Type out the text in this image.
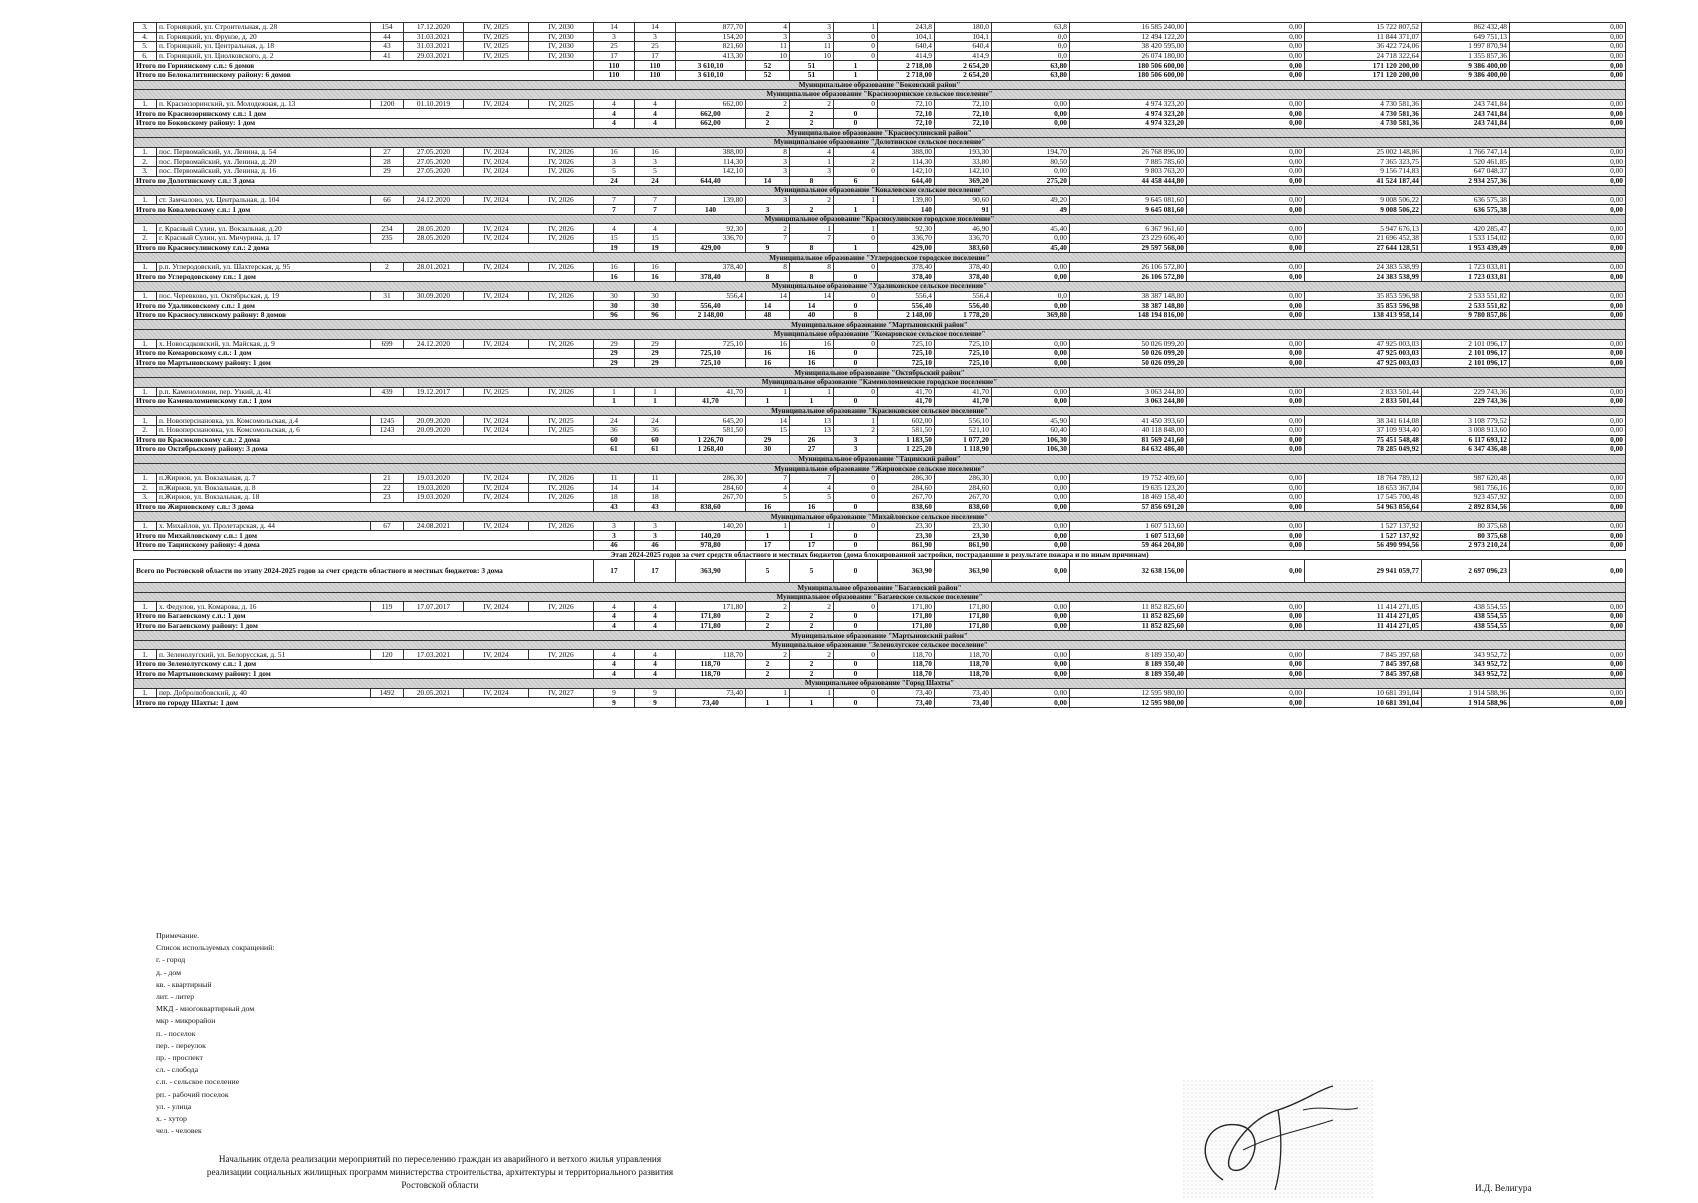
3.	п. Горняцкий, ул. Строительная, д. 28	154	17.12.2020	IV, 2025	IV, 2030	14	14	877,70	4	3	1	243,8	180,0	63,8	16 585 240,00	0,00	15 722 807,52	862 432,48	0,00
4.	п. Горняцкий, ул. Фрунзе, д. 20	44	31.03.2021	IV, 2025	IV, 2030	3	3	154,20	3	3	0	104,1	104,1	0,0	12 494 122,20	0,00	11 844 371,07	649 751,13	0,00
5.	п. Горняцкий, ул. Центральная, д. 18	43	31.03.2021	IV, 2025	IV, 2030	25	25	821,60	11	11	0	640,4	640,4	0,0	38 420 595,00	0,00	36 422 724,06	1 997 870,94	0,00
6.	п. Горняцкий, ул. Циолковского, д. 2	41	29.03.2021	IV, 2025	IV, 2030	17	17	413,30	10	10	0	414,9	414,9	0,0	26 074 180,00	0,00	24 718 322,64	1 355 857,36	0,00
Итого по Горнянскому с.п.: 6 домов						110	110	3 610,10	52	51	1	2 718,00	2 654,20	63,80	180 506 600,00	0,00	171 120 200,00	9 386 400,00	0,00
Итого по Белокалитвинскому району: 6 домов						110	110	3 610,10	52	51	1	2 718,00	2 654,20	63,80	180 506 600,00	0,00	171 120 200,00	9 386 400,00	0,00
Муниципальное образование "Боковский район"																			
Муниципальное образование "Краснозоринское сельское поселение"																			
1.	п. Краснозоринский, ул. Молодежная, д. 13	1200	01.10.2019	IV, 2024	IV, 2025	4	4	662,00	2	2	0	72,10	72,10	0,00	4 974 323,20	0,00	4 730 581,36	243 741,84	0,00
Итого по Краснозоринскому с.п.: 1 дом						4	4	662,00	2	2	0	72,10	72,10	0,00	4 974 323,20	0,00	4 730 581,36	243 741,84	0,00
Итого по Боковскому району: 1 дом						4	4	662,00	2	2	0	72,10	72,10	0,00	4 974 323,20	0,00	4 730 581,36	243 741,84	0,00
Муниципальное образование "Красносулинский район"																			
Муниципальное образование "Долотинское сельское поселение"																			
1.	пос. Первомайский, ул. Ленина, д. 54	27	27.05.2020	IV, 2024	IV, 2026	16	16	388,00	8	4	4	388,00	193,30	194,70	26 768 896,00	0,00	25 002 148,86	1 766 747,14	0,00
2.	пос. Первомайский, ул. Ленина, д. 20	28	27.05.2020	IV, 2024	IV, 2026	3	3	114,30	3	1	2	114,30	33,80	80,50	7 885 785,60	0,00	7 365 323,75	520 461,85	0,00
3.	пос. Первомайский, ул. Ленина, д. 16	29	27.05.2020	IV, 2024	IV, 2026	5	5	142,10	3	3	0	142,10	142,10	0,00	9 803 763,20	0,00	9 156 714,83	647 048,37	0,00
Итого по Долотинскому с.п.: 3 дома						24	24	644,40	14	8	6	644,40	369,20	275,20	44 458 444,80	0,00	41 524 187,44	2 934 257,36	0,00
Муниципальное образование "Ковалевское сельское поселение"																			
1.	ст. Замчалово, ул. Центральная, д. 104	66	24.12.2020	IV, 2024	IV, 2026	7	7	139,80	3	2	1	139,80	90,60	49,20	9 645 081,60	0,00	9 008 506,22	636 575,38	0,00
Итого по Ковалевскому с.п.: 1 дом						7	7	140	3	2	1	140	91	49	9 645 081,60	0,00	9 008 506,22	636 575,38	0,00
Муниципальное образование "Красносулинское городское поселение"																			
1.	г. Красный Сулин, ул. Вокзальная, д.20	234	28.05.2020	IV, 2024	IV, 2026	4	4	92,30	2	1	1	92,30	46,90	45,40	6 367 961,60	0,00	5 947 676,13	420 285,47	0,00
2.	г. Красный Сулин, ул. Мичурина, д. 17	235	28.05.2020	IV, 2024	IV, 2026	15	15	336,70	7	7	0	336,70	336,70	0,00	23 229 606,40	0,00	21 696 452,38	1 533 154,02	0,00
Итого по Красносулинскому г.п.: 2 дома						19	19	429,00	9	8	1	429,00	383,60	45,40	29 597 568,00	0,00	27 644 128,51	1 953 439,49	0,00
Муниципальное образование "Углеродовское городское поселение"																			
1.	р.п. Углеродовский, ул. Шахтерская, д. 95	2	28.01.2021	IV, 2024	IV, 2026	16	16	378,40	8	8	0	378,40	378,40	0,00	26 106 572,80	0,00	24 383 538,99	1 723 033,81	0,00
Итого по Углеродовскому г.п.: 1 дом						16	16	378,40	8	8	0	378,40	378,40	0,00	26 106 572,80	0,00	24 383 538,99	1 723 033,81	0,00
Муниципальное образование "Удаликовское сельское поселение"																			
1.	пос. Черевково, ул. Октябрьская, д. 19	31	30.09.2020	IV, 2024	IV, 2026	30	30	556,4	14	14	0	556,4	556,4	0,0	38 387 148,80	0,00	35 853 596,98	2 533 551,82	0,00
Итого по Удаликовскому с.п.: 1 дом						30	30	556,40	14	14	0	556,40	556,40	0,00	38 387 148,80	0,00	35 853 596,98	2 533 551,82	0,00
Итого по Красносулинскому району: 8 домов						96	96	2 148,00	48	40	8	2 148,00	1 778,20	369,80	148 194 816,00	0,00	138 413 958,14	9 780 857,86	0,00
Муниципальное образование "Мартыновский район"																			
Муниципальное образование "Комаровское сельское поселение"																			
1.	х. Новосадковский, ул. Майская, д. 9	699	24.12.2020	IV, 2024	IV, 2026	29	29	725,10	16	16	0	725,10	725,10	0,00	50 026 099,20	0,00	47 925 003,03	2 101 096,17	0,00
Итого по Комаровскому с.п.: 1 дом						29	29	725,10	16	16	0	725,10	725,10	0,00	50 026 099,20	0,00	47 925 003,03	2 101 096,17	0,00
Итого по Мартыновскому району: 1 дом						29	29	725,10	16	16	0	725,10	725,10	0,00	50 026 099,20	0,00	47 925 003,03	2 101 096,17	0,00
Муниципальное образование "Октябрьский район"																			
Муниципальное образование "Каменоломненское городское поселение"																			
1.	р.п. Каменоломни, пер. Узкий, д. 41	439	19.12.2017	IV, 2025	IV, 2026	1	1	41,70	1	1	0	41,70	41,70	0,00	3 063 244,80	0,00	2 833 501,44	229 743,36	0,00
Итого по Каменоломненскому г.п.: 1 дом						1	1	41,70	1	1	0	41,70	41,70	0,00	3 063 244,80	0,00	2 833 501,44	229 743,36	0,00
Муниципальное образование "Красюковское сельское поселение"																			
1.	п. Новоперсиановка, ул. Комсомольская, д.4	1245	20.09.2020	IV, 2024	IV, 2025	24	24	645,20	14	13	1	602,00	556,10	45,90	41 450 393,60	0,00	38 341 614,08	3 108 779,52	0,00
2.	п. Новоперсиановка, ул. Комсомольская, д. 6	1243	20.09.2020	IV, 2024	IV, 2025	36	36	581,50	15	13	2	581,50	521,10	60,40	40 118 848,00	0,00	37 109 934,40	3 008 913,60	0,00
Итого по Красюковскому с.п.: 2 дома						60	60	1 226,70	29	26	3	1 183,50	1 077,20	106,30	81 569 241,60	0,00	75 451 548,48	6 117 693,12	0,00
Итого по Октябрьскому району: 3 дома						61	61	1 268,40	30	27	3	1 225,20	1 118,90	106,30	84 632 486,40	0,00	78 285 049,92	6 347 436,48	0,00
Муниципальное образование "Тацинский район"																			
Муниципальное образование "Жирновское сельское поселение"																			
1.	п.Жирнов, ул. Вокзальная, д. 7	21	19.03.2020	IV, 2024	IV, 2026	11	11	286,30	7	7	0	286,30	286,30	0,00	19 752 409,60	0,00	18 764 789,12	987 620,48	0,00
2.	п.Жирнов, ул. Вокзальная, д. 8	22	19.03.2020	IV, 2024	IV, 2026	14	14	284,60	4	4	0	284,60	284,60	0,00	19 635 123,20	0,00	18 653 367,04	981 756,16	0,00
3.	п.Жирнов, ул. Вокзальная, д. 18	23	19.03.2020	IV, 2024	IV, 2026	18	18	267,70	5	5	0	267,70	267,70	0,00	18 469 158,40	0,00	17 545 700,48	923 457,92	0,00
Итого по Жирновскому с.п.: 3 дома						43	43	838,60	16	16	0	838,60	838,60	0,00	57 856 691,20	0,00	54 963 856,64	2 892 834,56	0,00
Муниципальное образование "Михайловское сельское поселение"																			
1.	х. Михайлов, ул. Пролетарская, д. 44	67	24.08.2021	IV, 2024	IV, 2026	3	3	140,20	1	1	0	23,30	23,30	0,00	1 607 513,60	0,00	1 527 137,92	80 375,68	0,00
Итого по Михайловскому с.п.: 1 дом						3	3	140,20	1	1	0	23,30	23,30	0,00	1 607 513,60	0,00	1 527 137,92	80 375,68	0,00
Итого по Тацинскому району: 4 дома						46	46	978,80	17	17	0	861,90	861,90	0,00	59 464 204,80	0,00	56 490 994,56	2 973 210,24	0,00
Этап 2024-2025 годов за счет средств областного и местных бюджетов (дома блокированной застройки, пострадавшие в результате пожара и по иным причинам)																			
Всего по Ростовской области по этапу 2024-2025 годов за счет средств областного и местных бюджетов: 3 дома						17	17	363,90	5	5	0	363,90	363,90	0,00	32 638 156,00	0,00	29 941 059,77	2 697 096,23	0,00
Муниципальное образование "Багаевский район"																			
Муниципальное образование "Багаевское сельское поселение"																			
1.	х. Федулов, ул. Комарова, д. 16	119	17.07.2017	IV, 2024	IV, 2026	4	4	171,80	2	2	0	171,80	171,80	0,00	11 852 825,60	0,00	11 414 271,05	438 554,55	0,00
Итого по Багаевскому с.п.: 1 дом						4	4	171,80	2	2	0	171,80	171,80	0,00	11 852 825,60	0,00	11 414 271,05	438 554,55	0,00
Итого по Багаевскому району: 1 дом						4	4	171,80	2	2	0	171,80	171,80	0,00	11 852 825,60	0,00	11 414 271,05	438 554,55	0,00
Муниципальное образование "Мартыновский район"																			
Муниципальное образование "Зеленолугское сельское поселение"																			
1.	п. Зеленолугский, ул. Белорусская, д. 51	120	17.03.2021	IV, 2024	IV, 2026	4	4	118,70	2	2	0	118,70	118,70	0,00	8 189 350,40	0,00	7 845 397,68	343 952,72	0,00
Итого по Зеленолугскому с.п.: 1 дом						4	4	118,70	2	2	0	118,70	118,70	0,00	8 189 350,40	0,00	7 845 397,68	343 952,72	0,00
Итого по Мартыновскому району: 1 дом						4	4	118,70	2	2	0	118,70	118,70	0,00	8 189 350,40	0,00	7 845 397,68	343 952,72	0,00
Муниципальное образование "Город Шахты"																			
1.	пер. Добролюбовский, д. 40	1492	20.05.2021	IV, 2024	IV, 2027	9	9	73,40	1	1	0	73,40	73,40	0,00	12 595 980,00	0,00	10 681 391,04	1 914 588,96	0,00
Итого по городу Шахты: 1 дом						9	9	73,40	1	1	0	73,40	73,40	0,00	12 595 980,00	0,00	10 681 391,04	1 914 588,96	0,00
Примечание.
Список используемых сокращений:
г. - город
д. - дом
кв. - квартирный
лит. - литер
МКД - многоквартирный дом
мкр - микрорайон
п. - поселок
пер. - переулок
пр. - проспект
сл. - слобода
с.п. - сельское поселение
рп. - рабочий поселок
ул. - улица
х. - хутор
чел. - человек
Начальник отдела реализации мероприятий по переселению граждан из аварийного и ветхого жилья управления
реализации социальных жилищных программ министерства строительства, архитектуры и территориального развития
Ростовской области	И.Д. Велигура
